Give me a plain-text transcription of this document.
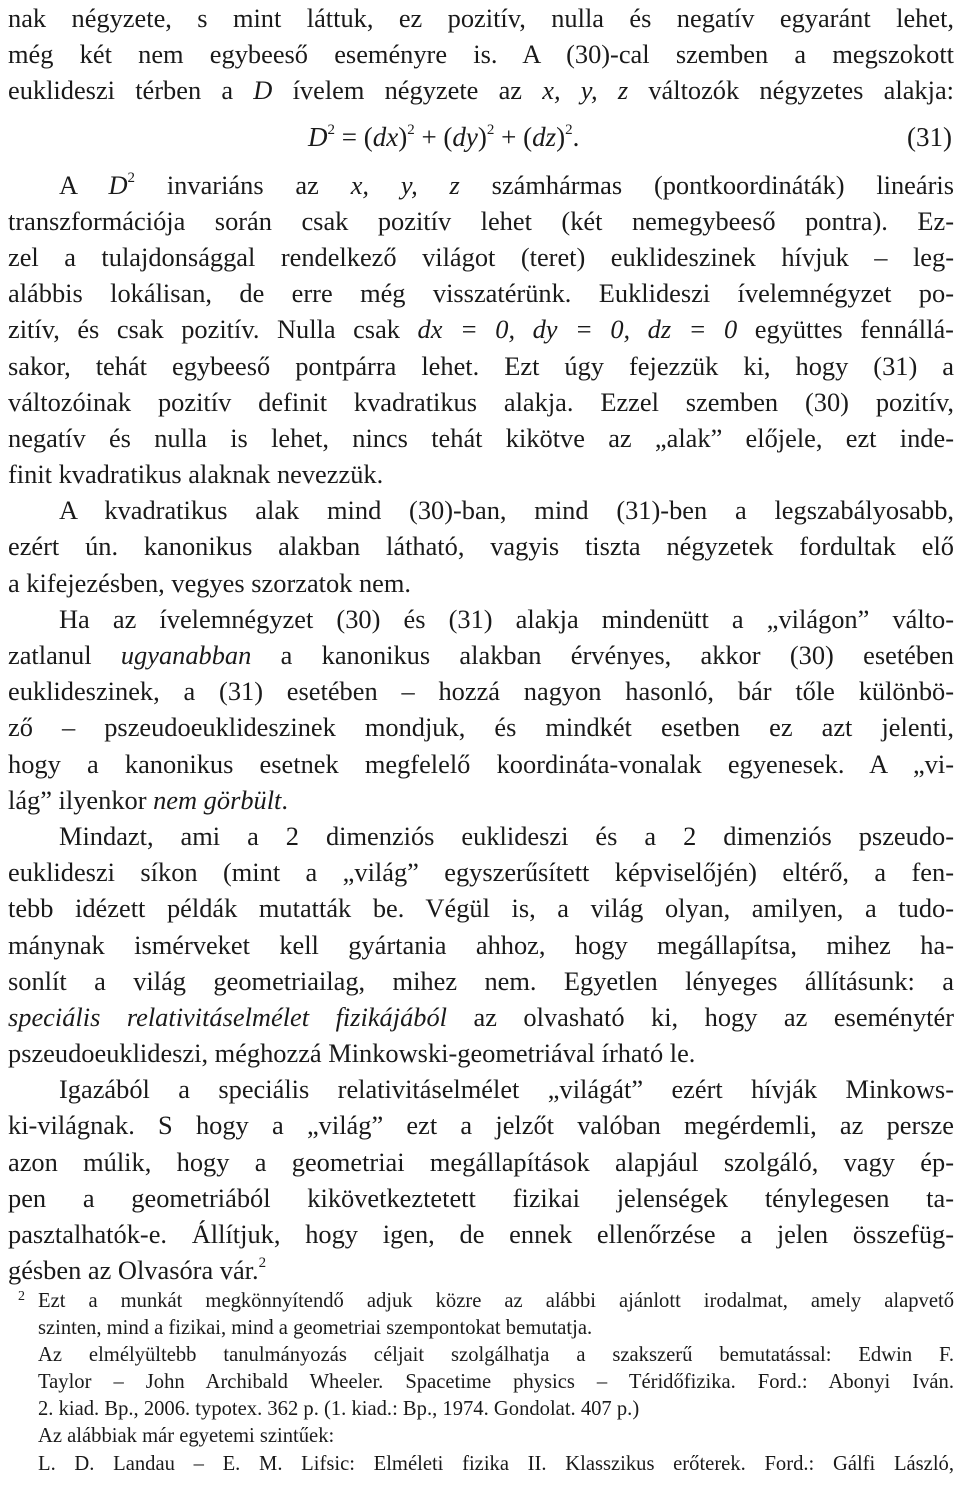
nak négyzete, s mint láttuk, ez pozitív, nulla és negatív egyaránt lehet,
még két nem egybeeső eseményre is. A (30)-cal szemben a megszokott
euklideszi térben a D ívelem négyzete az x, y, z változók négyzetes alakja:
$D^2 = (dx)^2 + (dy)^2 + (dz)^2$.	(31)
A $D^2$ invariáns az x, y, z számhármas (pontkoordináták) lineáris
transzformációja során csak pozitív lehet (két nemegybeeső pontra). Ez-
zel a tulajdonsággal rendelkező világot (teret) euklideszinek hívjuk – leg-
alábbis lokálisan, de erre még visszatérünk. Euklideszi ívelemnégyzet po-
zitív, és csak pozitív. Nulla csak dx = 0, dy = 0, dz = 0 együttes fennállá-
sakor, tehát egybeeső pontpárra lehet. Ezt úgy fejezzük ki, hogy (31) a
változóinak pozitív definit kvadratikus alakja. Ezzel szemben (30) pozitív,
negatív és nulla is lehet, nincs tehát kikötve az „alak” előjele, ezt inde-
finit kvadratikus alaknak nevezzük.
A kvadratikus alak mind (30)-ban, mind (31)-ben a legszabályosabb,
ezért ún. kanonikus alakban látható, vagyis tiszta négyzetek fordultak elő
a kifejezésben, vegyes szorzatok nem.
Ha az ívelemnégyzet (30) és (31) alakja mindenütt a „világon” válto-
zatlanul ugyanabban a kanonikus alakban érvényes, akkor (30) esetében
euklideszinek, a (31) esetében – hozzá nagyon hasonló, bár tőle különbö-
ző – pszeudoeuklideszinek mondjuk, és mindkét esetben ez azt jelenti,
hogy a kanonikus esetnek megfelelő koordináta-vonalak egyenesek. A „vi-
lág” ilyenkor nem görbült.
Mindazt, ami a 2 dimenziós euklideszi és a 2 dimenziós pszeudo-
euklideszi síkon (mint a „világ” egyszerűsített képviselőjén) eltérő, a fen-
tebb idézett példák mutatták be. Végül is, a világ olyan, amilyen, a tudo-
mánynak ismérveket kell gyártania ahhoz, hogy megállapítsa, mihez ha-
sonlít a világ geometriailag, mihez nem. Egyetlen lényeges állításunk: a
speciális relativitáselmélet fizikájából az olvasható ki, hogy az eseménytér
pszeudoeuklideszi, méghozzá Minkowski-geometriával írható le.
Igazából a speciális relativitáselmélet „világát” ezért hívják Minkows-
ki-világnak. S hogy a „világ” ezt a jelzőt valóban megérdemli, az persze
azon múlik, hogy a geometriai megállapítások alapjául szolgáló, vagy ép-
pen a geometriából kikövetkeztetett fizikai jelenségek ténylegesen ta-
pasztalhatók-e. Állítjuk, hogy igen, de ennek ellenőrzése a jelen összefüg-
gésben az Olvasóra vár.$^2$
2 Ezt a munkát megkönnyítendő adjuk közre az alábbi ajánlott irodalmat, amely alapvető
szinten, mind a fizikai, mind a geometriai szempontokat bemutatja.
Az elmélyültebb tanulmányozás céljait szolgálhatja a szakszerű bemutatással: Edwin F.
Taylor – John Archibald Wheeler. Spacetime physics – Téridőfizika. Ford.: Abonyi Iván.
2. kiad. Bp., 2006. typotex. 362 p. (1. kiad.: Bp., 1974. Gondolat. 407 p.)
Az alábbiak már egyetemi szintűek:
L. D. Landau – E. M. Lifsic: Elméleti fizika II. Klasszikus erőterek. Ford.: Gálfi László,
